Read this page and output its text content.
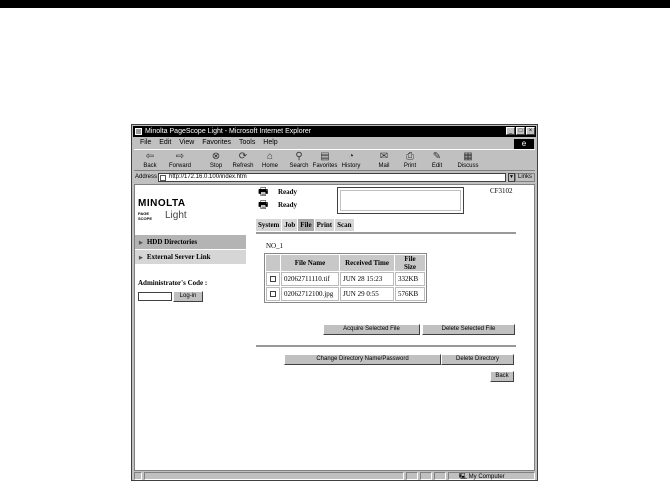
Minolta PageScope Light - Microsoft Internet Explorer	_	□	×
File Edit View Favorites Tools Help	e
⇦
Back
⇨
Forward
⊗
Stop
⟳
Refresh
⌂
Home
⚲
Search
▤
Favorites
◔
History
✉
Mail
⎙
Print
✎
Edit
▦
Discuss
Address	http://172.16.0.100/index.htm	▼ Links
MINOLTA
PAGE SCOPE	Light
▶ HDD Directories
▶ External Server Link
Administrator's Code :
Log-in
🖶 Ready
🖶 Ready
CF3102
System Job File Print Scan
NO_1
	File Name	Received Time	File Size
	02062711110.tif	JUN 28 15:23	332KB
	02062712100.jpg	JUN 29 0:55	576KB
Acquire Selected File	Delete Selected File
Change Directory Name/Password	Delete Directory
Back
🖳 My Computer
